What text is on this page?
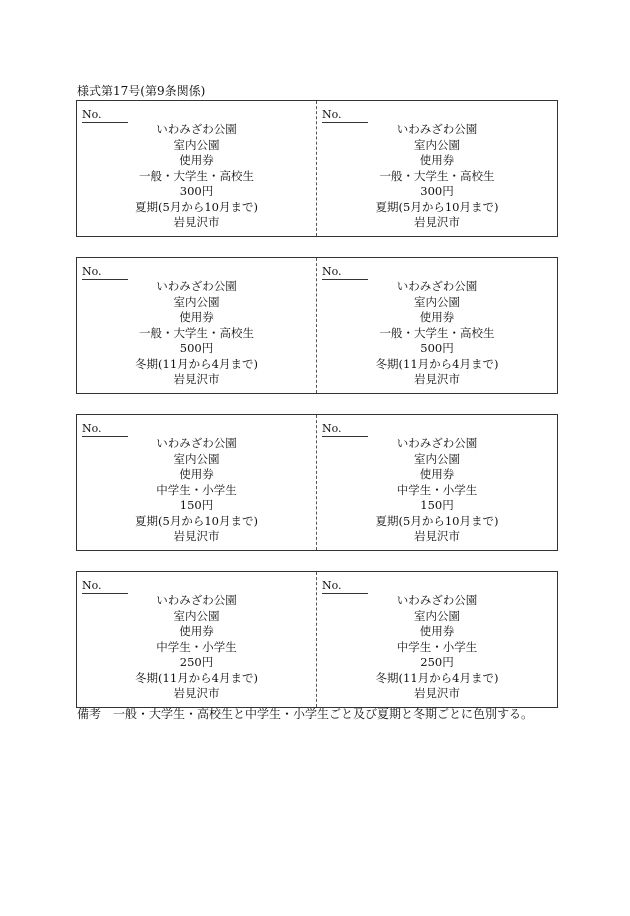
様式第17号(第9条関係)
No.
いわみざわ公園
室内公園
使用券
一般・大学生・高校生
300円
夏期(5月から10月まで)
岩見沢市
No.
いわみざわ公園
室内公園
使用券
一般・大学生・高校生
300円
夏期(5月から10月まで)
岩見沢市
No.
いわみざわ公園
室内公園
使用券
一般・大学生・高校生
500円
冬期(11月から4月まで)
岩見沢市
No.
いわみざわ公園
室内公園
使用券
一般・大学生・高校生
500円
冬期(11月から4月まで)
岩見沢市
No.
いわみざわ公園
室内公園
使用券
中学生・小学生
150円
夏期(5月から10月まで)
岩見沢市
No.
いわみざわ公園
室内公園
使用券
中学生・小学生
150円
夏期(5月から10月まで)
岩見沢市
No.
いわみざわ公園
室内公園
使用券
中学生・小学生
250円
冬期(11月から4月まで)
岩見沢市
No.
いわみざわ公園
室内公園
使用券
中学生・小学生
250円
冬期(11月から4月まで)
岩見沢市
備考 一般・大学生・高校生と中学生・小学生ごと及び夏期と冬期ごとに色別する。
